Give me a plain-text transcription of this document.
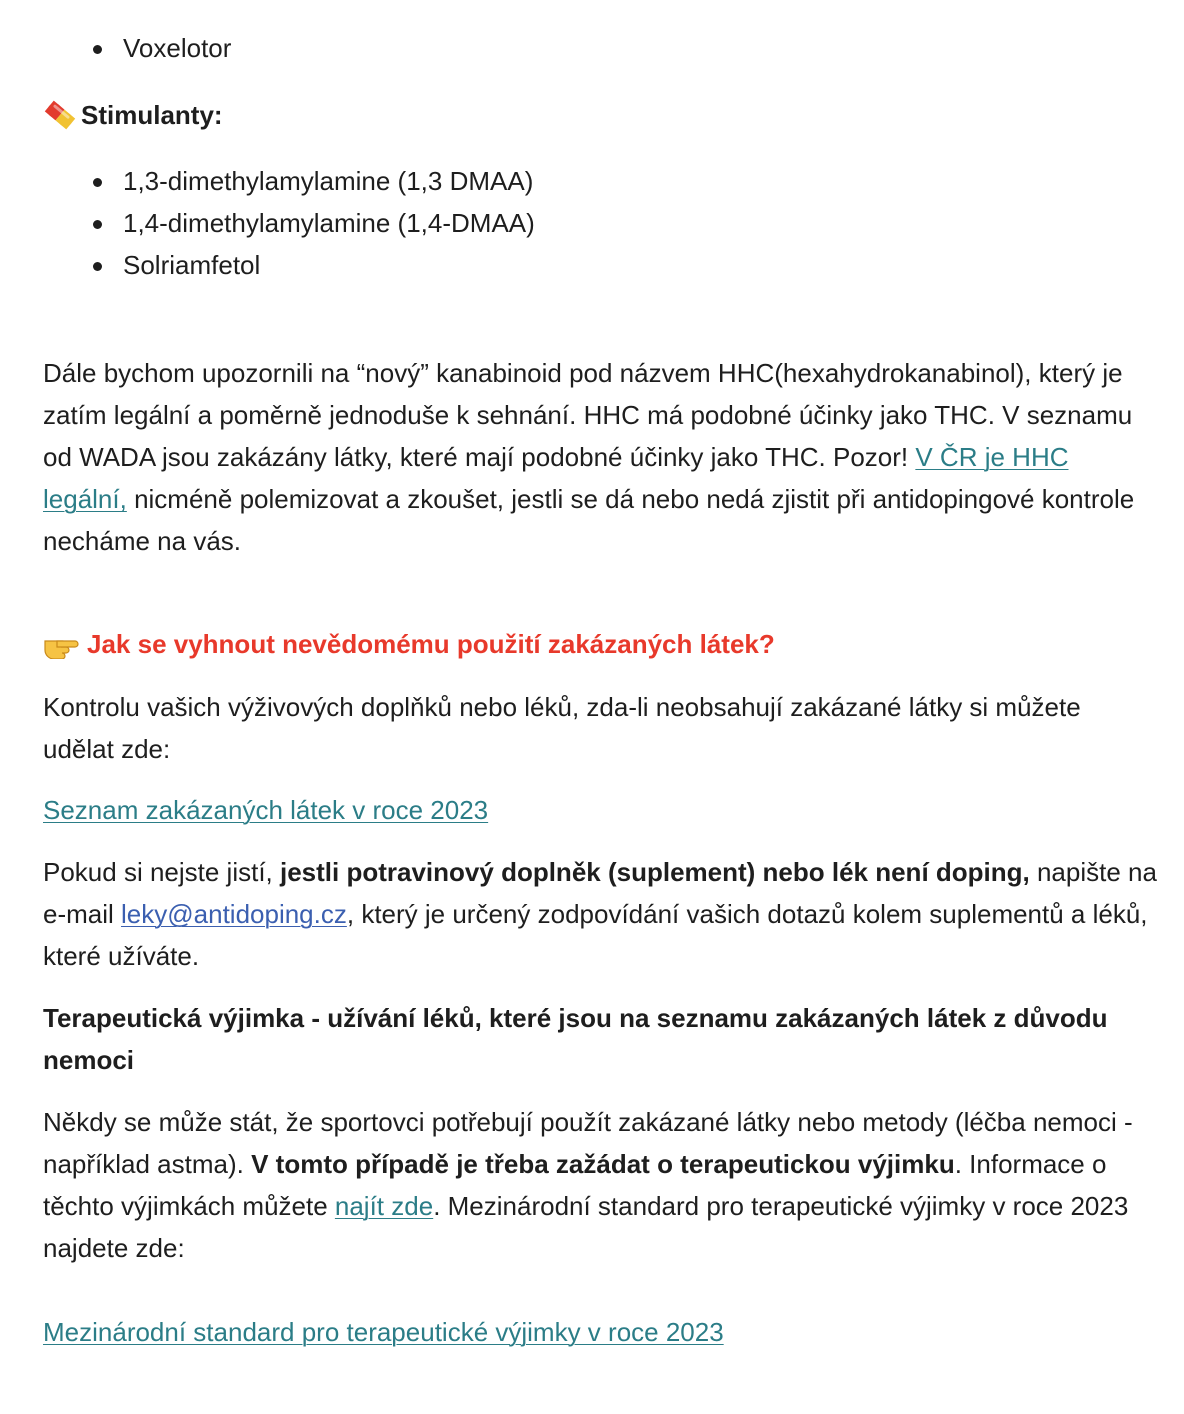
Voxelotor
Stimulanty:
1,3-dimethylamylamine (1,3 DMAA)
1,4-dimethylamylamine (1,4-DMAA)
Solriamfetol

Dále bychom upozornili na “nový” kanabinoid pod názvem HHC(hexahydrokanabinol), který je zatím legální a poměrně jednoduše k sehnání. HHC má podobné účinky jako THC. V seznamu od WADA jsou zakázány látky, které mají podobné účinky jako THC. Pozor! V ČR je HHC legální, nicméně polemizovat a zkoušet, jestli se dá nebo nedá zjistit při antidopingové kontrole necháme na vás.

Jak se vyhnout nevědomému použití zakázaných látek?

Kontrolu vašich výživových doplňků nebo léků, zda-li neobsahují zakázané látky si můžete udělat zde:

Seznam zakázaných látek v roce 2023

Pokud si nejste jistí, jestli potravinový doplněk (suplement) nebo lék není doping, napište na e-mail leky@antidoping.cz, který je určený zodpovídání vašich dotazů kolem suplementů a léků, které užíváte.

Terapeutická výjimka - užívání léků, které jsou na seznamu zakázaných látek z důvodu nemoci

Někdy se může stát, že sportovci potřebují použít zakázané látky nebo metody (léčba nemoci - například astma). V tomto případě je třeba zažádat o terapeutickou výjimku. Informace o těchto výjimkách můžete najít zde. Mezinárodní standard pro terapeutické výjimky v roce 2023 najdete zde:

Mezinárodní standard pro terapeutické výjimky v roce 2023
